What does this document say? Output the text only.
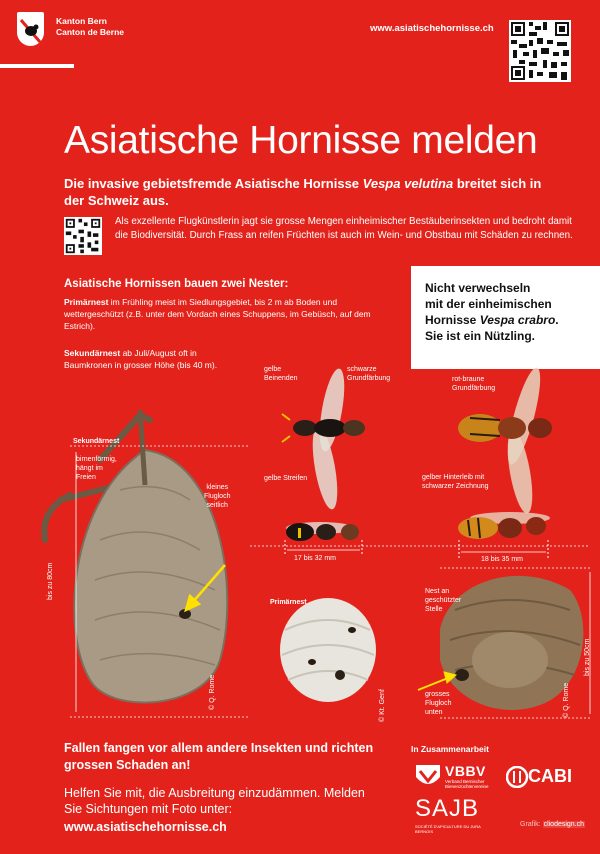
Kanton Bern
Canton de Berne	www.asiatischehornisse.ch
Asiatische Hornisse melden
Die invasive gebietsfremde Asiatische Hornisse Vespa velutina breitet sich in der Schweiz aus.
Als exzellente Flugkünstlerin jagt sie grosse Mengen einheimischer Bestäuberinsekten und bedroht damit die Biodiversität. Durch Frass an reifen Früchten ist auch im Wein- und Obstbau mit Schäden zu rechnen.
Asiatische Hornissen bauen zwei Nester:
Primärnest im Frühling meist im Siedlungsgebiet, bis 2 m ab Boden und wettergeschützt (z.B. unter dem Vordach eines Schuppens, im Gebüsch, auf dem Estrich).
Sekundärnest ab Juli/August oft in Baumkronen in grosser Höhe (bis 40 m).
Nicht verwechseln
mit der einheimischen
Hornisse Vespa crabro.
Sie ist ein Nützling.
Sekundärnest
birnenförmig,
hängt im
Freien
kleines
Flugloch
seitlich
bis zu 80cm
gelbe
Beinenden
schwarze
Grundfärbung
gelbe Streifen
17 bis 32 mm
Primärnest
© Q. Rome	© Kt. Genf	© Q. Rome
rot-braune
Grundfärbung
gelber Hinterleib mit
schwarzer Zeichnung
18 bis 35 mm
Nest an
geschützter
Stelle
bis zu 50cm
grosses
Flugloch
unten
Fallen fangen vor allem andere Insekten und richten grossen Schaden an!
Helfen Sie mit, die Ausbreitung einzudämmen. Melden Sie Sichtungen mit Foto unter:
www.asiatischehornisse.ch
In Zusammenarbeit
VBBV
Verband Bernischer Bienenzüchtervereine
CABI
SAJB
SOCIÉTÉ D'APICULTURE DU JURA BERNOIS
Grafik: cliodesign.ch
